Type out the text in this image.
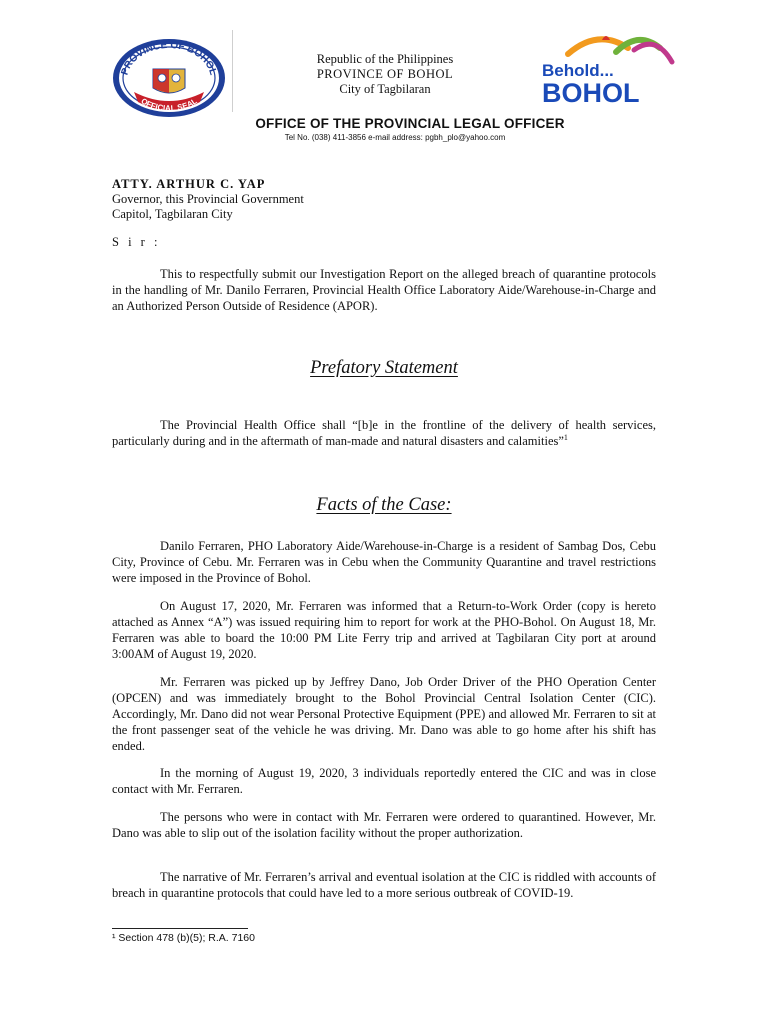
PROVINCE OF BOHOL
OFFICIAL SEAL
Republic of the Philippines
PROVINCE OF BOHOL
City of Tagbilaran
Behold...
BOHOL
OFFICE OF THE PROVINCIAL LEGAL OFFICER
Tel No. (038) 411-3856 e-mail address: pgbh_plo@yahoo.com
ATTY. ARTHUR C. YAP
Governor, this Provincial Government
Capitol, Tagbilaran City
S i r :

This to respectfully submit our Investigation Report on the alleged breach of quarantine protocols in the handling of Mr. Danilo Ferraren, Provincial Health Office Laboratory Aide/Warehouse-in-Charge and an Authorized Person Outside of Residence (APOR).

Prefatory Statement

The Provincial Health Office shall “[b]e in the frontline of the delivery of health services, particularly during and in the aftermath of man-made and natural disasters and calamities”$^1$

Facts of the Case:

Danilo Ferraren, PHO Laboratory Aide/Warehouse-in-Charge is a resident of Sambag Dos, Cebu City, Province of Cebu. Mr. Ferraren was in Cebu when the Community Quarantine and travel restrictions were imposed in the Province of Bohol.

On August 17, 2020, Mr. Ferraren was informed that a Return-to-Work Order (copy is hereto attached as Annex “A”) was issued requiring him to report for work at the PHO-Bohol. On August 18, Mr. Ferraren was able to board the 10:00 PM Lite Ferry trip and arrived at Tagbilaran City port at around 3:00AM of August 19, 2020.

Mr. Ferraren was picked up by Jeffrey Dano, Job Order Driver of the PHO Operation Center (OPCEN) and was immediately brought to the Bohol Provincial Central Isolation Center (CIC). Accordingly, Mr. Dano did not wear Personal Protective Equipment (PPE) and allowed Mr. Ferraren to sit at the front passenger seat of the vehicle he was driving. Mr. Dano was able to go home after his shift has ended.

In the morning of August 19, 2020, 3 individuals reportedly entered the CIC and was in close contact with Mr. Ferraren.

The persons who were in contact with Mr. Ferraren were ordered to quarantined. However, Mr. Dano was able to slip out of the isolation facility without the proper authorization.

The narrative of Mr. Ferraren’s arrival and eventual isolation at the CIC is riddled with accounts of breach in quarantine protocols that could have led to a more serious outbreak of COVID-19.

¹ Section 478 (b)(5); R.A. 7160
